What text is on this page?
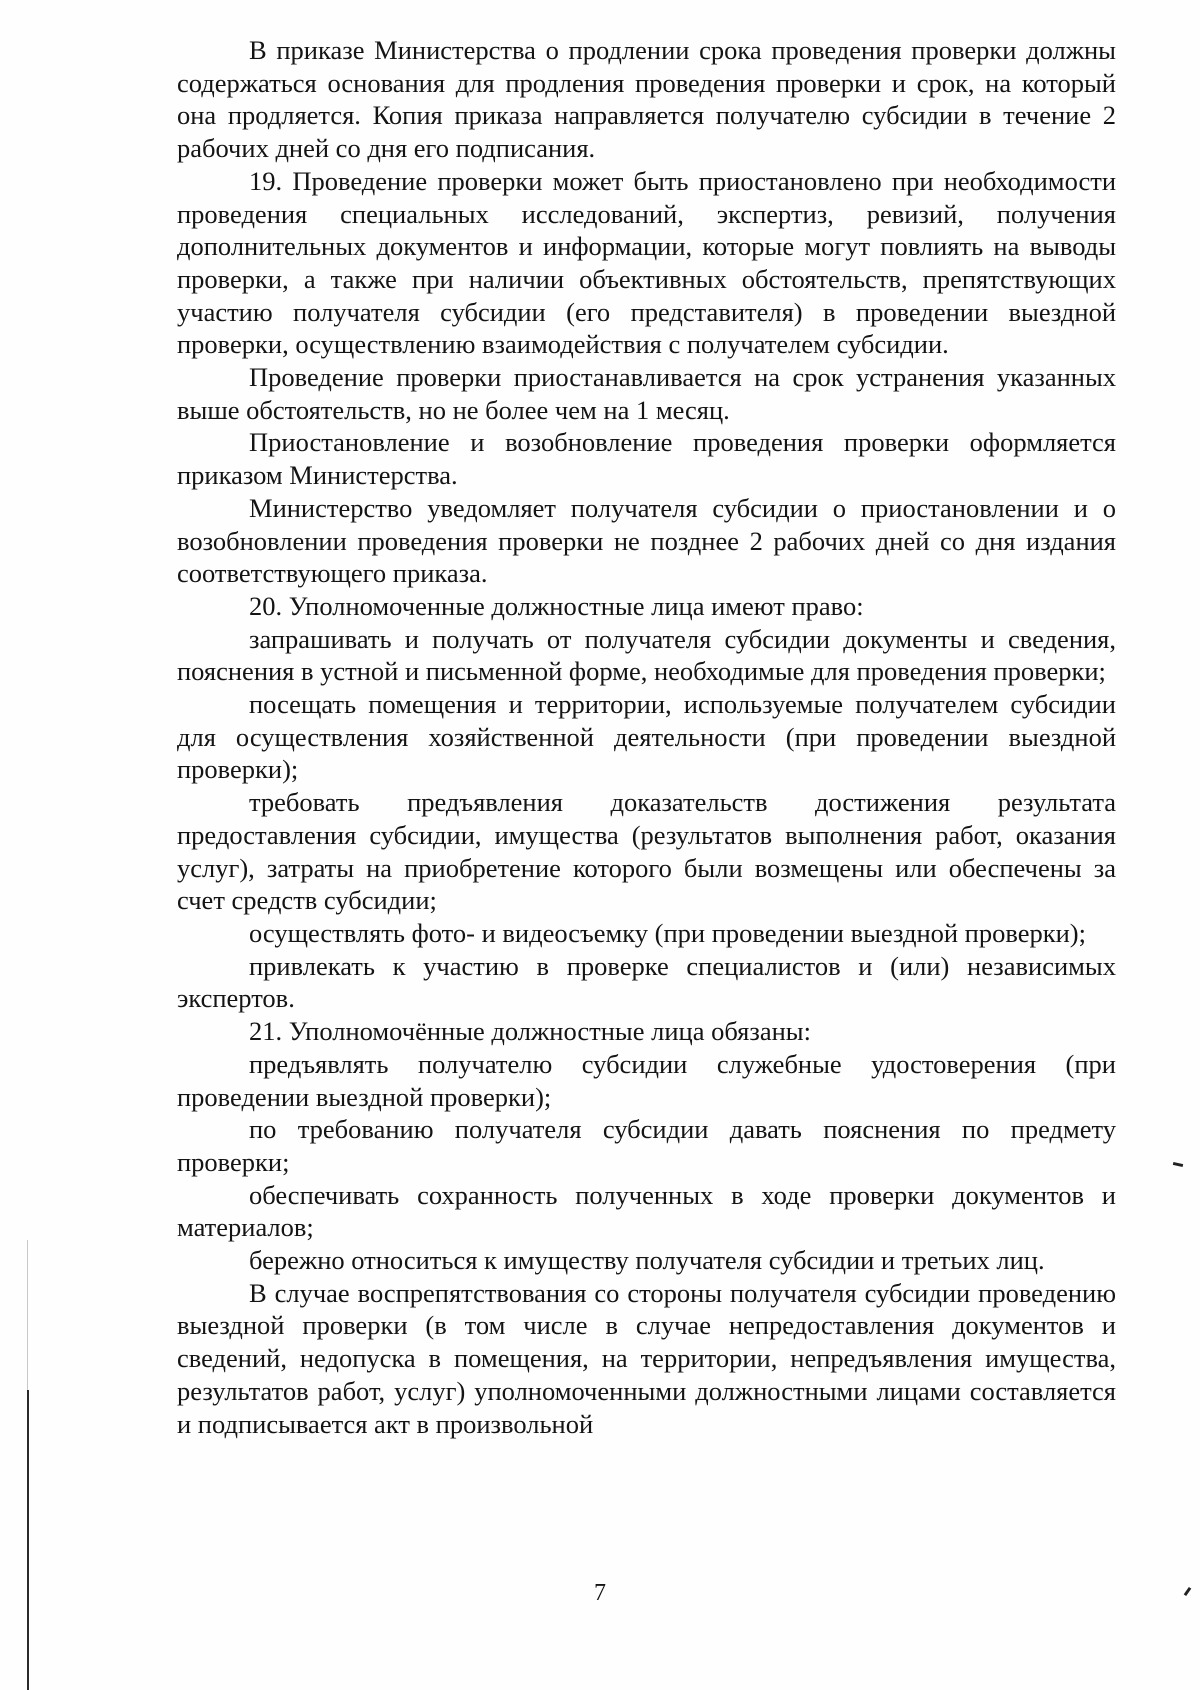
В приказе Министерства о продлении срока проведения проверки должны содержаться основания для продления проведения проверки и срок, на который она продляется. Копия приказа направляется получателю субсидии в течение 2 рабочих дней со дня его подписания.

19. Проведение проверки может быть приостановлено при необходимости проведения специальных исследований, экспертиз, ревизий, получения дополнительных документов и информации, которые могут повлиять на выводы проверки, а также при наличии объективных обстоятельств, препятствующих участию получателя субсидии (его представителя) в проведении выездной проверки, осуществлению взаимодействия с получателем субсидии.

Проведение проверки приостанавливается на срок устранения указанных выше обстоятельств, но не более чем на 1 месяц.

Приостановление и возобновление проведения проверки оформляется приказом Министерства.

Министерство уведомляет получателя субсидии о приостановлении и о возобновлении проведения проверки не позднее 2 рабочих дней со дня издания соответствующего приказа.

20. Уполномоченные должностные лица имеют право:

запрашивать и получать от получателя субсидии документы и сведения, пояснения в устной и письменной форме, необходимые для проведения проверки;

посещать помещения и территории, используемые получателем субсидии для осуществления хозяйственной деятельности (при проведении выездной проверки);

требовать предъявления доказательств достижения результата предоставления субсидии, имущества (результатов выполнения работ, оказания услуг), затраты на приобретение которого были возмещены или обеспечены за счет средств субсидии;

осуществлять фото- и видеосъемку (при проведении выездной проверки);

привлекать к участию в проверке специалистов и (или) независимых экспертов.

21. Уполномочённые должностные лица обязаны:

предъявлять получателю субсидии служебные удостоверения (при проведении выездной проверки);

по требованию получателя субсидии давать пояснения по предмету проверки;

обеспечивать сохранность полученных в ходе проверки документов и материалов;

бережно относиться к имуществу получателя субсидии и третьих лиц.

В случае воспрепятствования со стороны получателя субсидии проведению выездной проверки (в том числе в случае непредоставления документов и сведений, недопуска в помещения, на территории, непредъявления имущества, результатов работ, услуг) уполномоченными должностными лицами составляется и подписывается акт в произвольной

7
